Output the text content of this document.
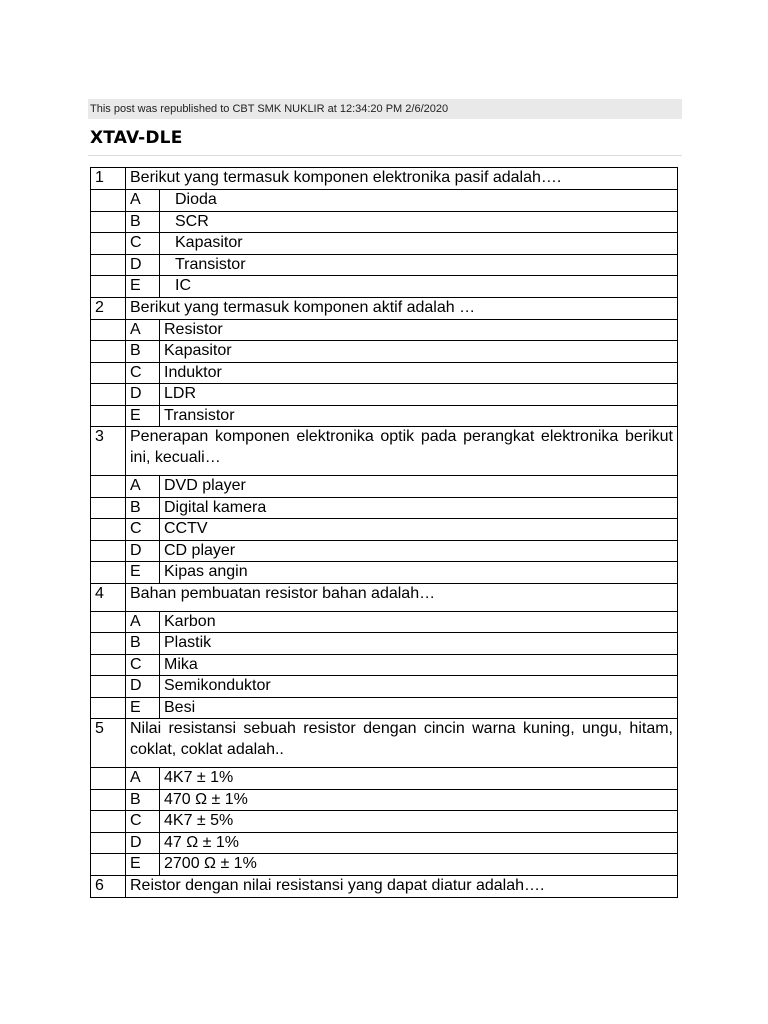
This post was republished to CBT SMK NUKLIR at 12:34:20 PM 2/6/2020
XTAV-DLE
1	Berikut yang termasuk komponen elektronika pasif adalah….	
	A	Dioda
	B	SCR
	C	Kapasitor
	D	Transistor
	E	IC
2	Berikut yang termasuk komponen aktif adalah …	
	A	Resistor
	B	Kapasitor
	C	Induktor
	D	LDR
	E	Transistor
3	Penerapan komponen elektronika optik pada perangkat elektronika berikut ini, kecuali…	
	A	DVD player
	B	Digital kamera
	C	CCTV
	D	CD player
	E	Kipas angin
4	Bahan pembuatan resistor bahan adalah…	
	A	Karbon
	B	Plastik
	C	Mika
	D	Semikonduktor
	E	Besi
5	Nilai resistansi sebuah resistor dengan cincin warna kuning, ungu, hitam, coklat, coklat adalah..	
	A	4K7 ± 1%
	B	470 Ω ± 1%
	C	4K7 ± 5%
	D	47 Ω ± 1%
	E	2700 Ω ± 1%
6	Reistor dengan nilai resistansi yang dapat diatur adalah….	
